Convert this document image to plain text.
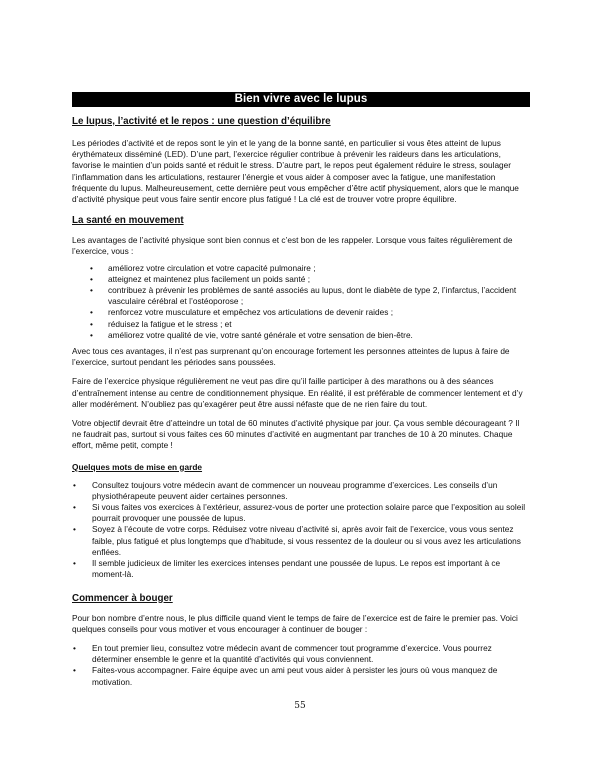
Bien vivre avec le lupus
Le lupus, l’activité et le repos : une question d’équilibre

Les périodes d’activité et de repos sont le yin et le yang de la bonne santé, en particulier si vous êtes atteint de lupus érythémateux disséminé (LED). D’une part, l’exercice régulier contribue à prévenir les raideurs dans les articulations, favorise le maintien d’un poids santé et réduit le stress. D’autre part, le repos peut également réduire le stress, soulager l’inflammation dans les articulations, restaurer l’énergie et vous aider à composer avec la fatigue, une manifestation fréquente du lupus. Malheureusement, cette dernière peut vous empêcher d’être actif physiquement, alors que le manque d’activité physique peut vous faire sentir encore plus fatigué ! La clé est de trouver votre propre équilibre.

La santé en mouvement

Les avantages de l’activité physique sont bien connus et c’est bon de les rappeler. Lorsque vous faites régulièrement de l’exercice, vous :

• améliorez votre circulation et votre capacité pulmonaire ;
• atteignez et maintenez plus facilement un poids santé ;
• contribuez à prévenir les problèmes de santé associés au lupus, dont le diabète de type 2, l’infarctus, l’accident vasculaire cérébral et l’ostéoporose ;
• renforcez votre musculature et empêchez vos articulations de devenir raides ;
• réduisez la fatigue et le stress ; et
• améliorez votre qualité de vie, votre santé générale et votre sensation de bien-être.

Avec tous ces avantages, il n’est pas surprenant qu’on encourage fortement les personnes atteintes de lupus à faire de l’exercice, surtout pendant les périodes sans poussées.

Faire de l’exercice physique régulièrement ne veut pas dire qu’il faille participer à des marathons ou à des séances d’entraînement intense au centre de conditionnement physique. En réalité, il est préférable de commencer lentement et d’y aller modérément. N’oubliez pas qu’exagérer peut être aussi néfaste que de ne rien faire du tout.

Votre objectif devrait être d’atteindre un total de 60 minutes d’activité physique par jour. Ça vous semble décourageant ? Il ne faudrait pas, surtout si vous faites ces 60 minutes d’activité en augmentant par tranches de 10 à 20 minutes. Chaque effort, même petit, compte !

Quelques mots de mise en garde
• Consultez toujours votre médecin avant de commencer un nouveau programme d’exercices. Les conseils d’un physiothérapeute peuvent aider certaines personnes.
• Si vous faites vos exercices à l’extérieur, assurez-vous de porter une protection solaire parce que l’exposition au soleil pourrait provoquer une poussée de lupus.
• Soyez à l’écoute de votre corps. Réduisez votre niveau d’activité si, après avoir fait de l’exercice, vous vous sentez faible, plus fatigué et plus longtemps que d’habitude, si vous ressentez de la douleur ou si vous avez les articulations enflées.
• Il semble judicieux de limiter les exercices intenses pendant une poussée de lupus. Le repos est important à ce moment-là.
Commencer à bouger

Pour bon nombre d’entre nous, le plus difficile quand vient le temps de faire de l’exercice est de faire le premier pas. Voici quelques conseils pour vous motiver et vous encourager à continuer de bouger :

• En tout premier lieu, consultez votre médecin avant de commencer tout programme d’exercice. Vous pourrez déterminer ensemble le genre et la quantité d’activités qui vous conviennent.
• Faites-vous accompagner. Faire équipe avec un ami peut vous aider à persister les jours où vous manquez de motivation.
55
